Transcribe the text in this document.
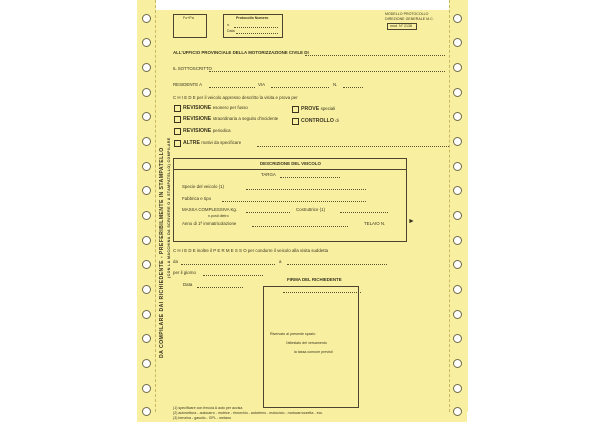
Fo+Pa	Protocollo Numero
n.
Data
MODELLO PROTOCOLLO
DIREZIONE GENERALE M.C.
mod. N° 2138
ALL'UFFICIO PROVINCIALE DELLA MOTORIZZAZIONE CIVILE DI
IL SOTTOSCRITTO
RESIDENTE A	VIA	N.
C H I E D E per il veicolo appresso descritto la visita e prova per
REVISIONE esonero per fusso
REVISIONE straordinaria a seguito d'incidente
REVISIONE periodica
ALTRE motivi da specificare
PROVE speciali
CONTROLLO di
DESCRIZIONE DEL VEICOLO
TARGA
Specie del veicolo (1)
Fabbrica e tipo
MASSA COMPLESSIVA Kg.	Costruttrice (1)
n.posti dietro
Anno di 1ª immatricolazione	TELAIO N.	►
C H I E D E inoltre il P E R M E S S O per condurre il veicolo alla visita suddetta
da	a
per il giorno
Data
FIRMA DEL RICHIEDENTE
Riservato al presente spazio
l'attestato del versamento
la tassa comune previsti
(1) specificare con freccia A auto per accisa
(2) autovettura - autocarro - motrice - rimorchio - autotreno - motociclo - motocarrozzetta - ecc.
(3) benzina - gasolio - GPL - metano
DA COMPILARE DAI RICHIEDENTE - PREFERIBILMENTE IN STAMPATELLO (CON LA MACCHINA DA SCRIVERE O A STAMPATELLO) COMPILARE
